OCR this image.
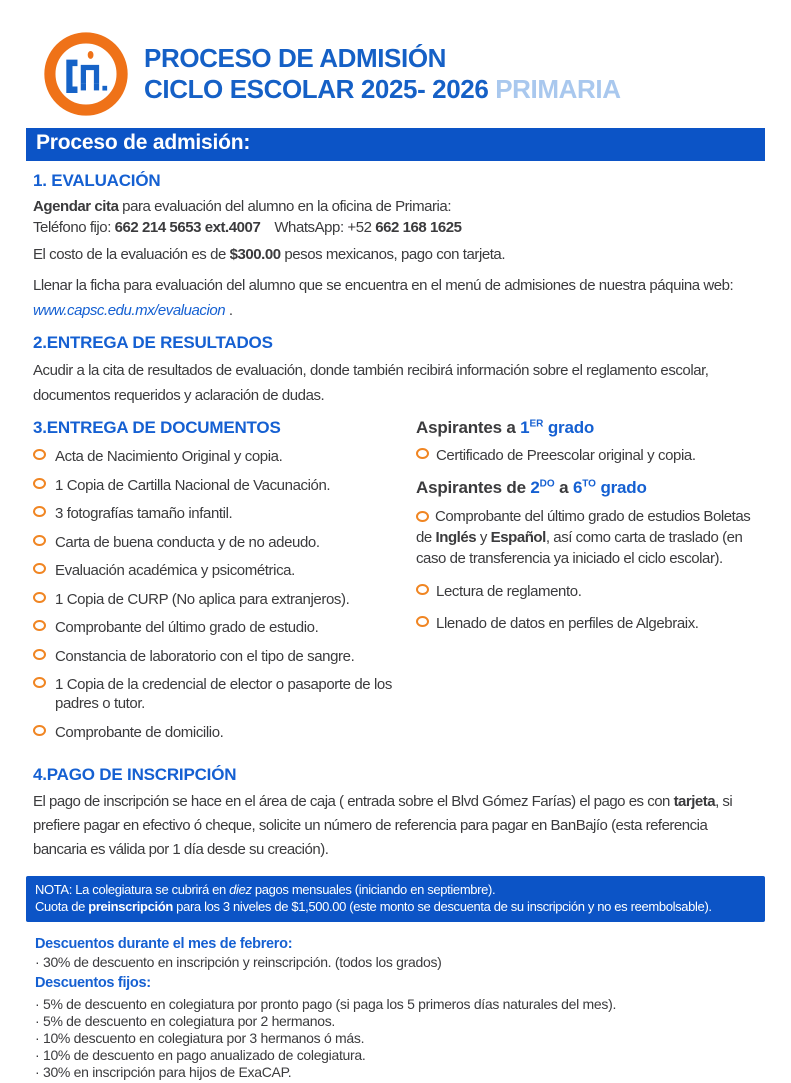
PROCESO DE ADMISIÓN
CICLO ESCOLAR 2025- 2026 PRIMARIA
Proceso de admisión:
1. EVALUACIÓN

Agendar cita para evaluación del alumno en la oficina de Primaria:
Teléfono fijo: 662 214 5653 ext.4007 WhatsApp: +52 662 168 1625

El costo de la evaluación es de $300.00 pesos mexicanos, pago con tarjeta.

Llenar la ficha para evaluación del alumno que se encuentra en el menú de admisiones de nuestra páquina web: www.capsc.edu.mx/evaluacion .

2.ENTREGA DE RESULTADOS

Acudir a la cita de resultados de evaluación, donde también recibirá información sobre el reglamento escolar, documentos requeridos y aclaración de dudas.

3.ENTREGA DE DOCUMENTOS
Acta de Nacimiento Original y copia.
1 Copia de Cartilla Nacional de Vacunación.
3 fotografías tamaño infantil.
Carta de buena conducta y de no adeudo.
Evaluación académica y psicométrica.
1 Copia de CURP (No aplica para extranjeros).
Comprobante del último grado de estudio.
Constancia de laboratorio con el tipo de sangre.
1 Copia de la credencial de elector o pasaporte de los padres o tutor.
Comprobante de domicilio.
Aspirantes a 1ER grado
Certificado de Preescolar original y copia.
Aspirantes de $2^{DO}$ a $6^{TO}$ grado

Comprobante del último grado de estudios Boletas de Inglés y Español, así como carta de traslado (en caso de transferencia ya iniciado el ciclo escolar).

Lectura de reglamento.
Llenado de datos en perfiles de Algebraix.
4.PAGO DE INSCRIPCIÓN

El pago de inscripción se hace en el área de caja ( entrada sobre el Blvd Gómez Farías) el pago es con tarjeta, si prefiere pagar en efectivo ó cheque, solicite un número de referencia para pagar en BanBajío (esta referencia bancaria es válida por 1 día desde su creación).

NOTA: La colegiatura se cubrirá en diez pagos mensuales (iniciando en septiembre).
Cuota de preinscripción para los 3 niveles de $1,500.00 (este monto se descuenta de su inscripción y no es reembolsable).
Descuentos durante el mes de febrero:

· 30% de descuento en inscripción y reinscripción. (todos los grados)

Descuentos fijos:

· 5% de descuento en colegiatura por pronto pago (si paga los 5 primeros días naturales del mes).

· 5% de descuento en colegiatura por 2 hermanos.

· 10% descuento en colegiatura por 3 hermanos ó más.

· 10% de descuento en pago anualizado de colegiatura.

· 30% en inscripción para hijos de ExaCAP.
